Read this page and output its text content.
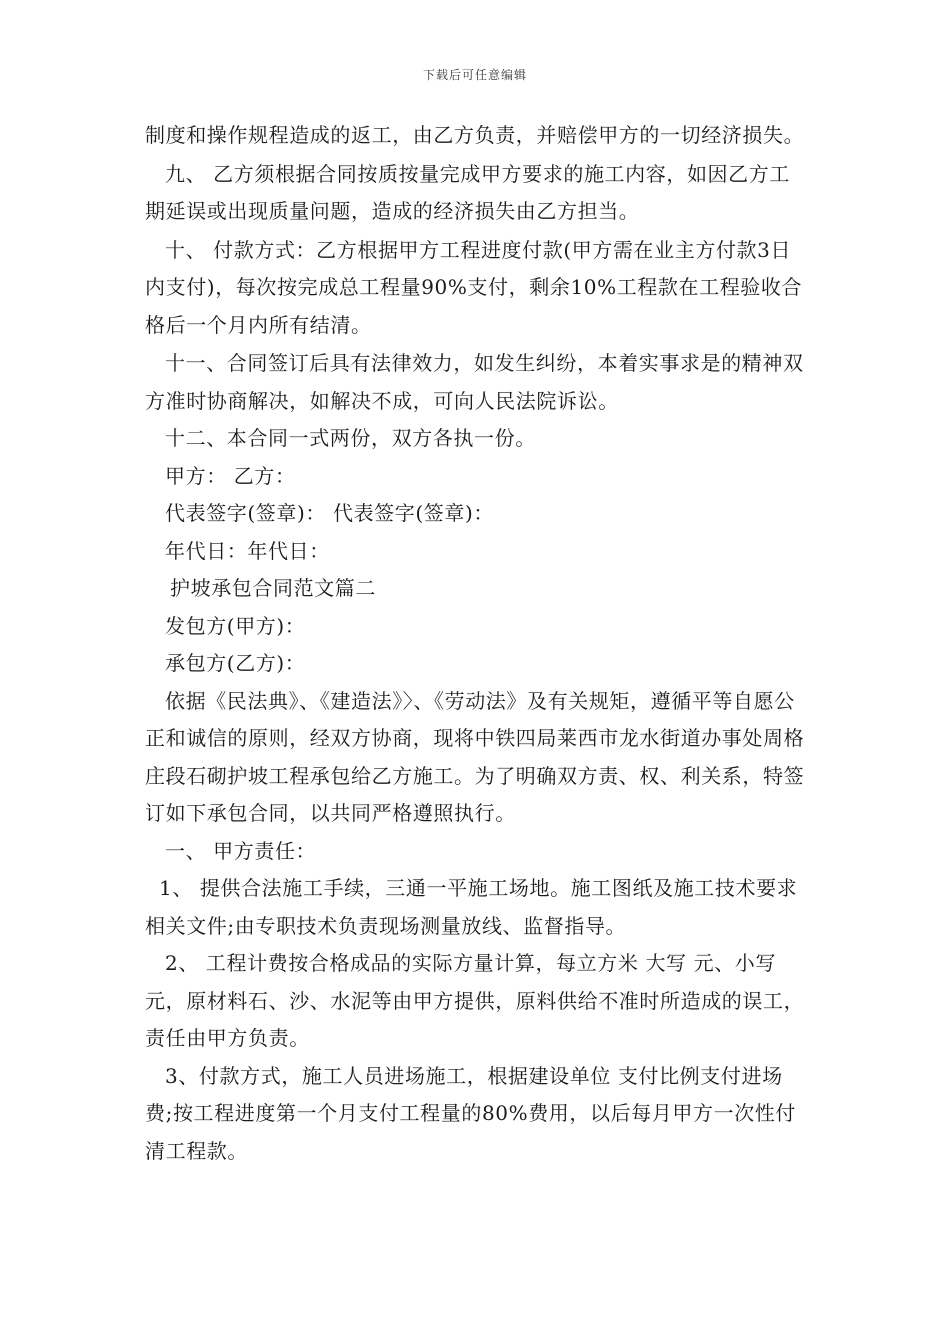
下载后可任意编辑

制度和操作规程造成的返工，由乙方负责，并赔偿甲方的一切经济损失。

九、 乙方须根据合同按质按量完成甲方要求的施工内容，如因乙方工期延误或出现质量问题，造成的经济损失由乙方担当。

十、 付款方式：乙方根据甲方工程进度付款(甲方需在业主方付款3日内支付)，每次按完成总工程量90%支付，剩余10%工程款在工程验收合格后一个月内所有结清。

十一、合同签订后具有法律效力，如发生纠纷，本着实事求是的精神双方准时协商解决，如解决不成，可向人民法院诉讼。

十二、本合同一式两份，双方各执一份。

甲方： 乙方：

代表签字(签章)： 代表签字(签章)：

年代日：年代日：

护坡承包合同范文篇二

发包方(甲方)：

承包方(乙方)：

依据《民法典》、《建造法》〉、《劳动法》及有关规矩，遵循平等自愿公正和诚信的原则，经双方协商，现将中铁四局莱西市龙水街道办事处周格庄段石砌护坡工程承包给乙方施工。为了明确双方责、权、利关系，特签订如下承包合同，以共同严格遵照执行。

一、 甲方责任：

1、 提供合法施工手续，三通一平施工场地。施工图纸及施工技术要求相关文件;由专职技术负责现场测量放线、监督指导。

2、 工程计费按合格成品的实际方量计算，每立方米 大写 元、小写 元，原材料石、沙、水泥等由甲方提供，原料供给不准时所造成的误工，责任由甲方负责。

3、付款方式，施工人员进场施工，根据建设单位 支付比例支付进场费;按工程进度第一个月支付工程量的80%费用，以后每月甲方一次性付清工程款。
